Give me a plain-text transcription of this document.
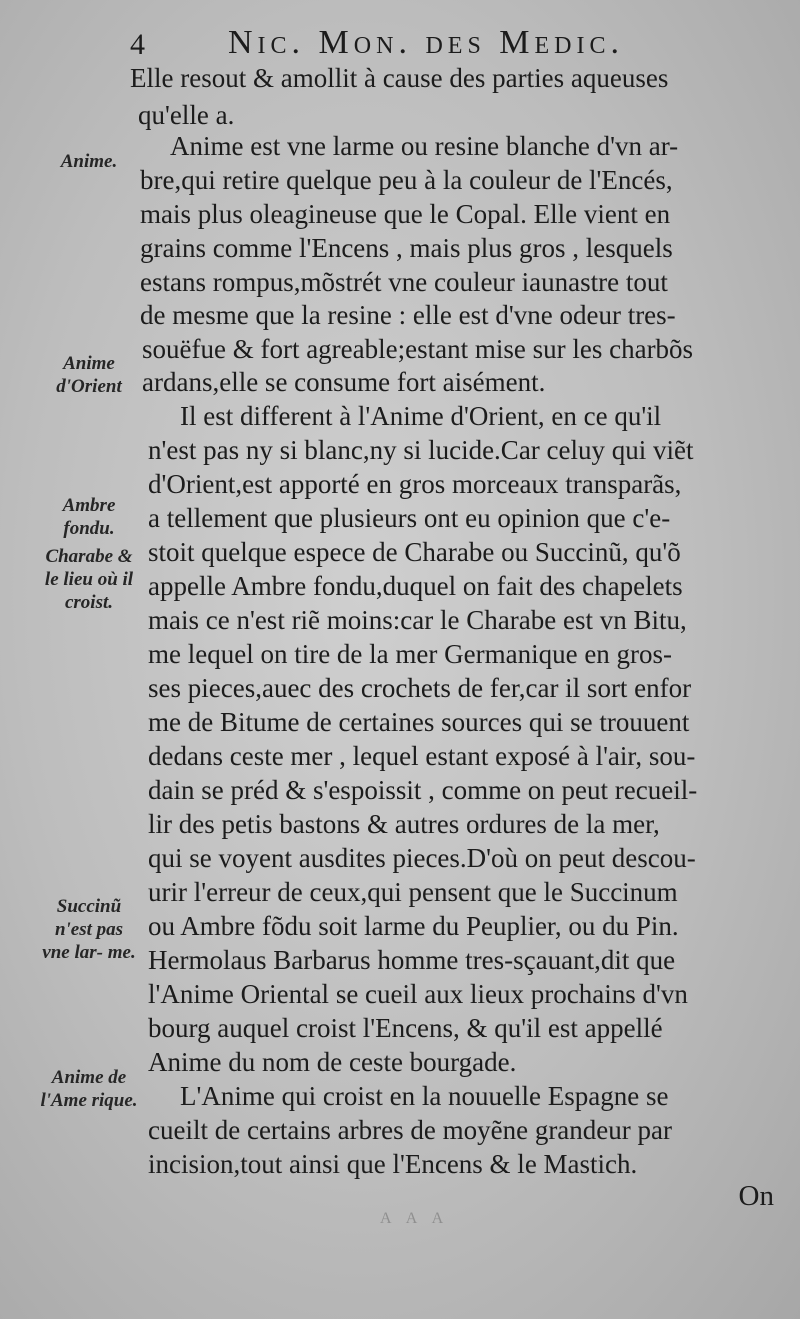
4 Nic. Mon. des Medic.
Elle resout & amollit à cause des parties aqueuses
qu'elle a.
Anime est vne larme ou resine blanche d'vn ar-
bre,qui retire quelque peu à la couleur de l'Encés,
mais plus oleagineuse que le Copal. Elle vient en
grains comme l'Encens , mais plus gros , lesquels
estans rompus,mõstrét vne couleur iaunastre tout
de mesme que la resine : elle est d'vne odeur tres-
souëfue & fort agreable;estant mise sur les charbõs
ardans,elle se consume fort aisément.
Il est different à l'Anime d'Orient, en ce qu'il
n'est pas ny si blanc,ny si lucide.Car celuy qui viẽt
d'Orient,est apporté en gros morceaux transparãs,
a tellement que plusieurs ont eu opinion que c'e-
stoit quelque espece de Charabe ou Succinũ, qu'õ
appelle Ambre fondu,duquel on fait des chapelets
mais ce n'est riẽ moins:car le Charabe est vn Bitu,
me lequel on tire de la mer Germanique en gros-
ses pieces,auec des crochets de fer,car il sort enfor
me de Bitume de certaines sources qui se trouuent
dedans ceste mer , lequel estant exposé à l'air, sou-
dain se préd & s'espoissit , comme on peut recueil-
lir des petis bastons & autres ordures de la mer,
qui se voyent ausdites pieces.D'où on peut descou-
urir l'erreur de ceux,qui pensent que le Succinum
ou Ambre fõdu soit larme du Peuplier, ou du Pin.
Hermolaus Barbarus homme tres-sçauant,dit que
l'Anime Oriental se cueil aux lieux prochains d'vn
bourg auquel croist l'Encens, & qu'il est appellé
Anime du nom de ceste bourgade.
L'Anime qui croist en la nouuelle Espagne se
cueilt de certains arbres de moyẽne grandeur par
incision,tout ainsi que l'Encens & le Mastich.
Anime.
Anime d'Orient
Ambre fondu.
Charabe & le lieu où il croist.
Succinũ n'est pas vne lar- me.
Anime de l'Ame rique.
On
A A A
